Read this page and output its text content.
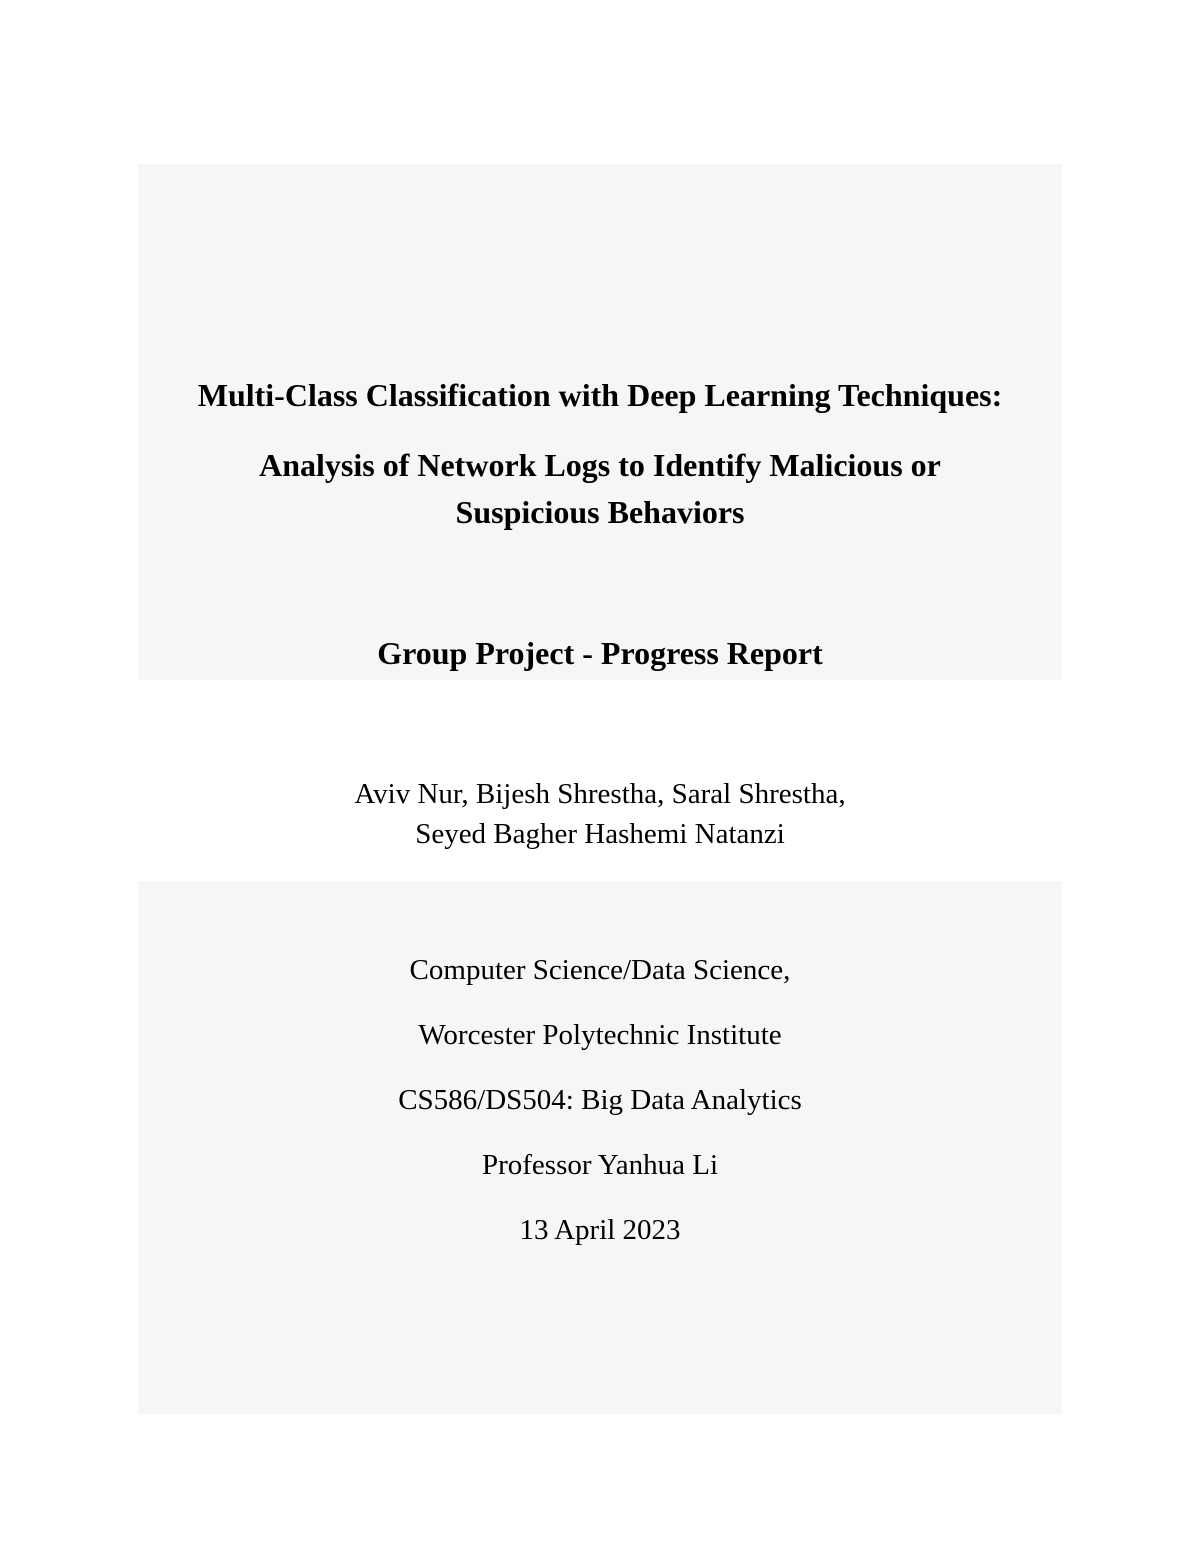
Multi-Class Classification with Deep Learning Techniques:
Analysis of Network Logs to Identify Malicious or
Suspicious Behaviors
Group Project - Progress Report
Aviv Nur, Bijesh Shrestha, Saral Shrestha,
Seyed Bagher Hashemi Natanzi
Computer Science/Data Science,
Worcester Polytechnic Institute
CS586/DS504: Big Data Analytics
Professor Yanhua Li
13 April 2023
